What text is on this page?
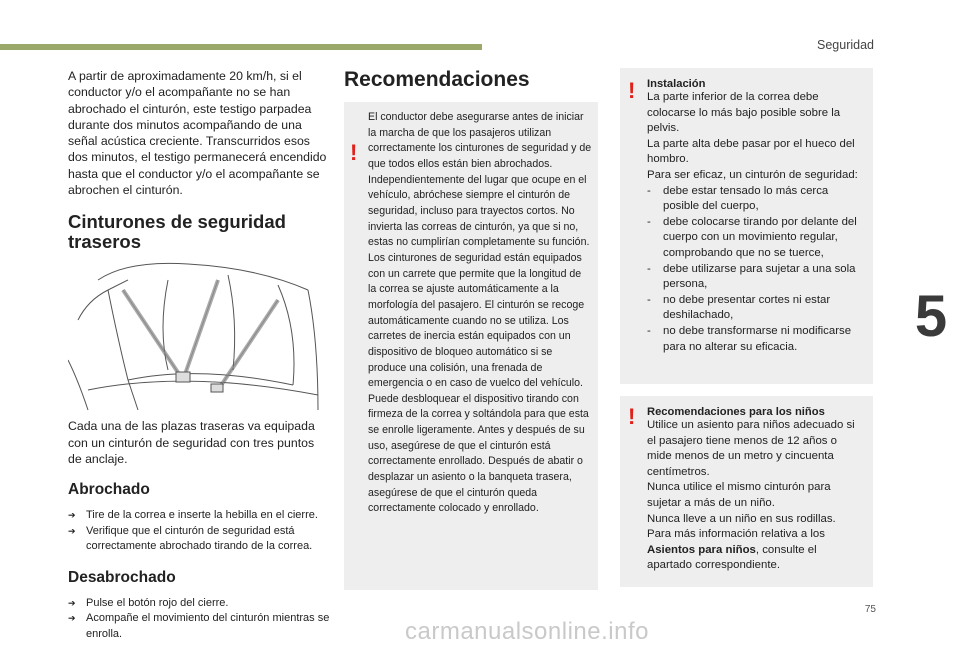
Seguridad
5
75
carmanualsonline.info

A partir de aproximadamente 20 km/h, si el conductor y/o el acompañante no se han abrochado el cinturón, este testigo parpadea durante dos minutos acompañando de una señal acústica creciente. Transcurridos esos dos minutos, el testigo permanecerá encendido hasta que el conductor y/o el acompañante se abrochen el cinturón.

Cinturones de seguridad
traseros

Cada una de las plazas traseras va equipada con un cinturón de seguridad con tres puntos de anclaje.

Abrochado
➔ Tire de la correa e inserte la hebilla en el cierre.
➔ Verifique que el cinturón de seguridad está correctamente abrochado tirando de la correa.
Desabrochado
➔ Pulse el botón rojo del cierre.
➔ Acompañe el movimiento del cinturón mientras se enrolla.
Recomendaciones
!

El conductor debe asegurarse antes de iniciar la marcha de que los pasajeros utilizan correctamente los cinturones de seguridad y de que todos ellos están bien abrochados. Independientemente del lugar que ocupe en el vehículo, abróchese siempre el cinturón de seguridad, incluso para trayectos cortos. No invierta las correas de cinturón, ya que si no, estas no cumplirían completamente su función. Los cinturones de seguridad están equipados con un carrete que permite que la longitud de la correa se ajuste automáticamente a la morfología del pasajero. El cinturón se recoge automáticamente cuando no se utiliza. Los carretes de inercia están equipados con un dispositivo de bloqueo automático si se produce una colisión, una frenada de emergencia o en caso de vuelco del vehículo. Puede desbloquear el dispositivo tirando con firmeza de la correa y soltándola para que esta se enrolle ligeramente. Antes y después de su uso, asegúrese de que el cinturón está correctamente enrollado. Después de abatir o desplazar un asiento o la banqueta trasera, asegúrese de que el cinturón queda correctamente colocado y enrollado.

! Instalación

La parte inferior de la correa debe colocarse lo más bajo posible sobre la pelvis.

La parte alta debe pasar por el hueco del hombro.

Para ser eficaz, un cinturón de seguridad:

- debe estar tensado lo más cerca posible del cuerpo,
- debe colocarse tirando por delante del cuerpo con un movimiento regular, comprobando que no se tuerce,
- debe utilizarse para sujetar a una sola persona,
- no debe presentar cortes ni estar deshilachado,
- no debe transformarse ni modificarse para no alterar su eficacia.
! Recomendaciones para los niños

Utilice un asiento para niños adecuado si el pasajero tiene menos de 12 años o mide menos de un metro y cincuenta centímetros.

Nunca utilice el mismo cinturón para sujetar a más de un niño.

Nunca lleve a un niño en sus rodillas.

Para más información relativa a los Asientos para niños, consulte el apartado correspondiente.
